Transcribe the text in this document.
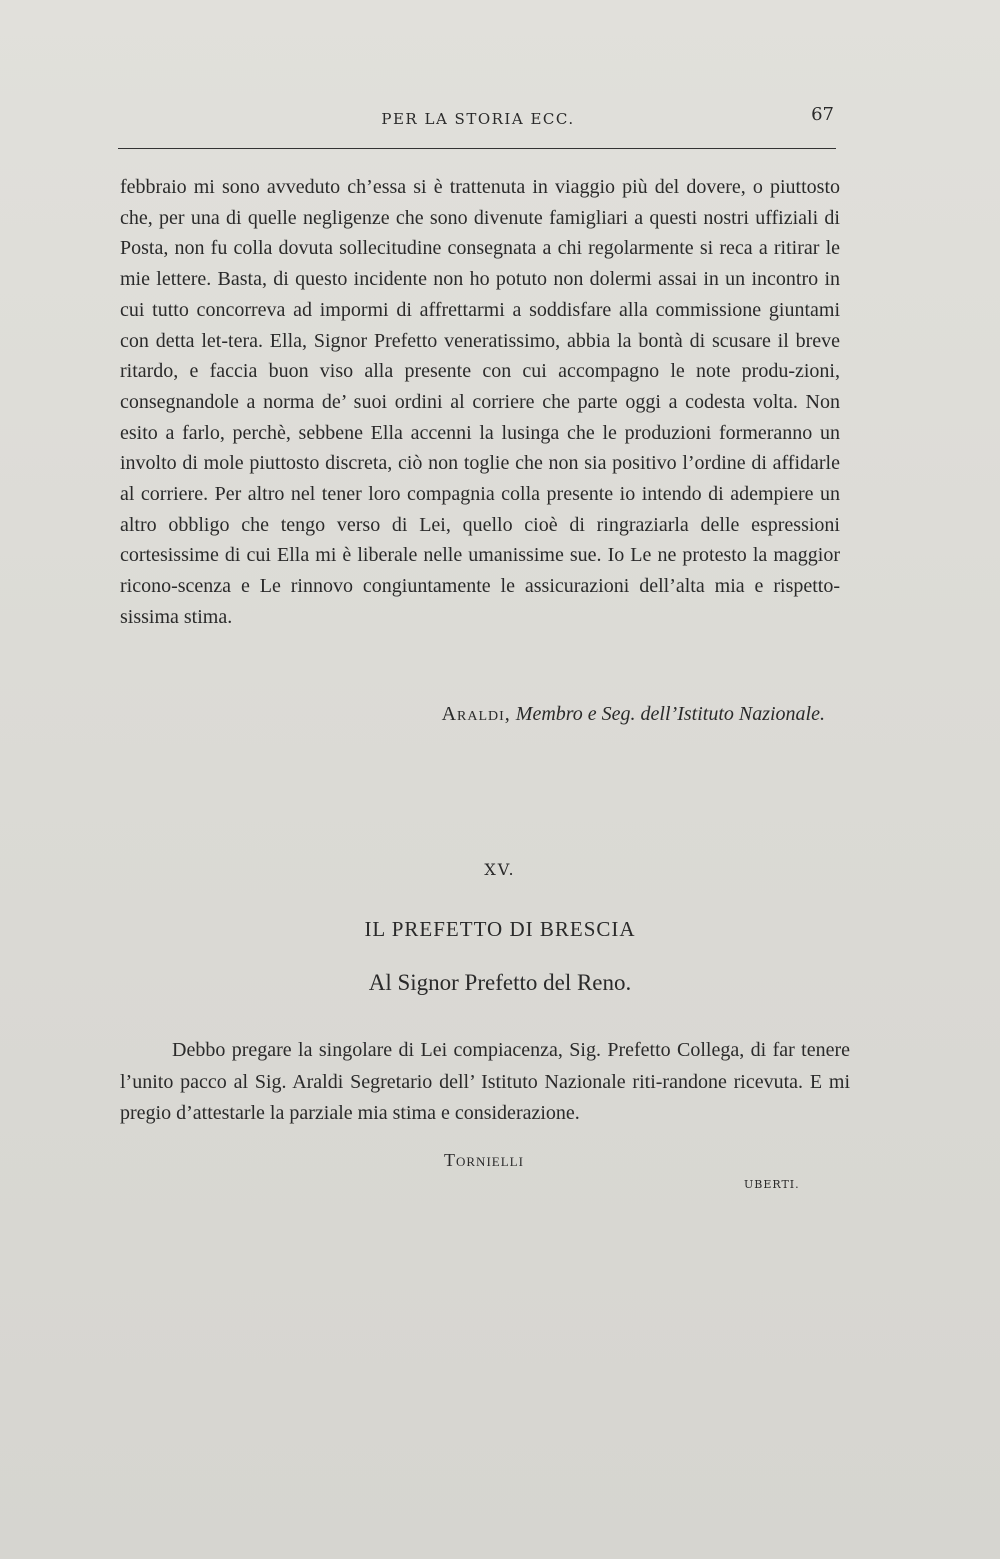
PER LA STORIA ECC.	67

febbraio mi sono avveduto ch’essa si è trattenuta in viaggio più del dovere, o piuttosto che, per una di quelle negligenze che sono divenute famigliari a questi nostri uffiziali di Posta, non fu colla dovuta sollecitudine consegnata a chi regolarmente si reca a ritirar le mie lettere. Basta, di questo incidente non ho potuto non dolermi assai in un incontro in cui tutto concorreva ad impormi di affrettarmi a soddisfare alla commissione giuntami con detta let-tera. Ella, Signor Prefetto veneratissimo, abbia la bontà di scusare il breve ritardo, e faccia buon viso alla presente con cui accompagno le note produ-zioni, consegnandole a norma de’ suoi ordini al corriere che parte oggi a codesta volta. Non esito a farlo, perchè, sebbene Ella accenni la lusinga che le produzioni formeranno un involto di mole piuttosto discreta, ciò non toglie che non sia positivo l’ordine di affidarle al corriere. Per altro nel tener loro compagnia colla presente io intendo di adempiere un altro obbligo che tengo verso di Lei, quello cioè di ringraziarla delle espressioni cortesissime di cui Ella mi è liberale nelle umanissime sue. Io Le ne protesto la maggior ricono-scenza e Le rinnovo congiuntamente le assicurazioni dell’alta mia e rispetto-sissima stima.

Araldi, Membro e Seg. dell’Istituto Nazionale.
XV.
IL PREFETTO DI BRESCIA
Al Signor Prefetto del Reno.

Debbo pregare la singolare di Lei compiacenza, Sig. Prefetto Collega, di far tenere l’unito pacco al Sig. Araldi Segretario dell’ Istituto Nazionale riti-randone ricevuta. E mi pregio d’attestarle la parziale mia stima e considerazione.

Tornielli
UBERTI.
